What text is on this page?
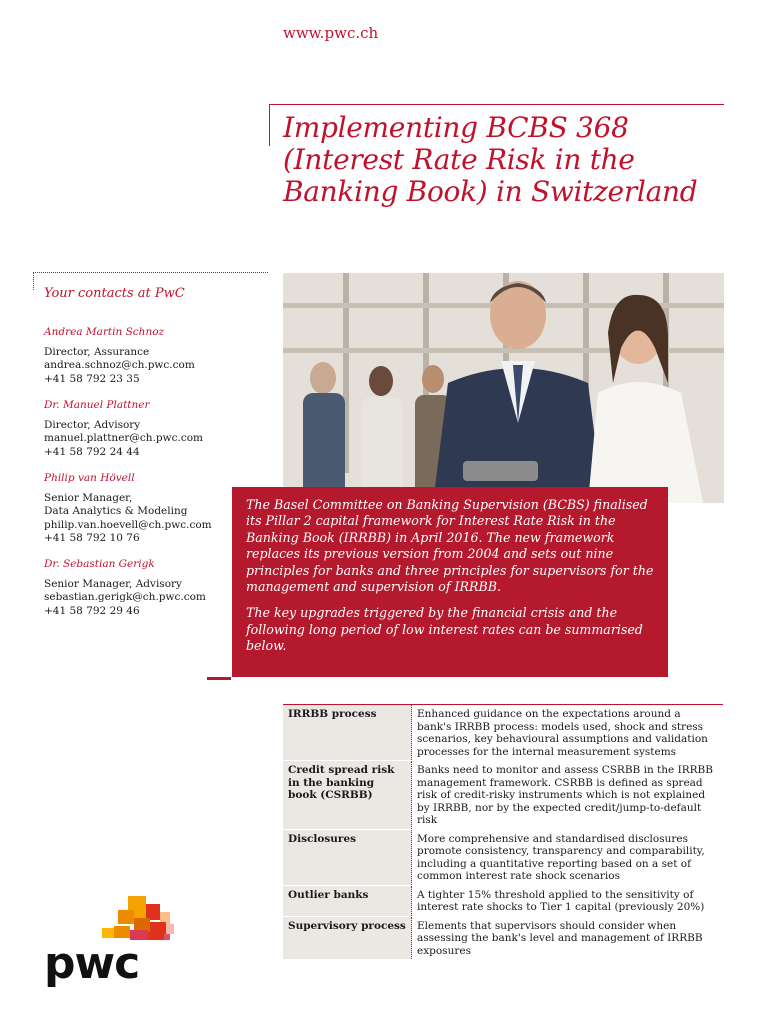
www.pwc.ch
Implementing BCBS 368 (Interest Rate Risk in the Banking Book) in Switzerland
Your contacts at PwC
Andrea Martin Schnoz
Director, Assurance
andrea.schnoz@ch.pwc.com
+41 58 792 23 35
Dr. Manuel Plattner
Director, Advisory
manuel.plattner@ch.pwc.com
+41 58 792 24 44
Philip van Hövell
Senior Manager,
Data Analytics & Modeling
philip.van.hoevell@ch.pwc.com
+41 58 792 10 76
Dr. Sebastian Gerigk
Senior Manager, Advisory
sebastian.gerigk@ch.pwc.com
+41 58 792 29 46

The Basel Committee on Banking Supervision (BCBS) finalised its Pillar 2 capital framework for Interest Rate Risk in the Banking Book (IRRBB) in April 2016. The new framework replaces its previous version from 2004 and sets out nine principles for banks and three principles for supervisors for the management and supervision of IRRBB.

The key upgrades triggered by the financial crisis and the following long period of low interest rates can be summarised below.

IRRBB process	Enhanced guidance on the expectations around a bank's IRRBB process: models used, shock and stress scenarios, key behavioural assumptions and validation processes for the internal measurement systems
Credit spread risk in the banking book (CSRBB)	Banks need to monitor and assess CSRBB in the IRRBB management framework. CSRBB is defined as spread risk of credit-risky instruments which is not explained by IRRBB, nor by the expected credit/jump-to-default risk
Disclosures	More comprehensive and standardised disclosures promote consistency, transparency and comparability, including a quantitative reporting based on a set of common interest rate shock scenarios
Outlier banks	A tighter 15% threshold applied to the sensitivity of interest rate shocks to Tier 1 capital (previously 20%)
Supervisory process	Elements that supervisors should consider when assessing the bank's level and management of IRRBB exposures
pwc
